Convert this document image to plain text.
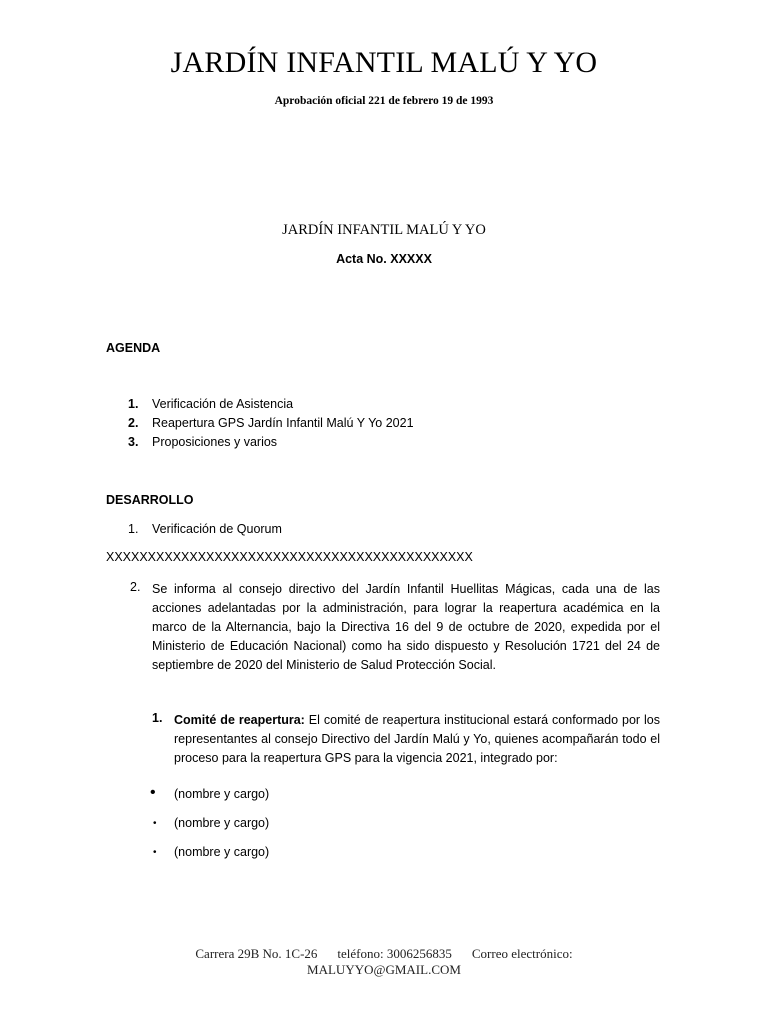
JARDÍN INFANTIL MALÚ Y YO
Aprobación oficial 221 de febrero 19 de 1993
JARDÍN INFANTIL MALÚ Y YO
Acta No. XXXXX
AGENDA
1. Verificación de Asistencia
2. Reapertura GPS Jardín Infantil Malú Y Yo 2021
3. Proposiciones y varios
DESARROLLO
1. Verificación de Quorum
XXXXXXXXXXXXXXXXXXXXXXXXXXXXXXXXXXXXXXXXXXXX
2. Se informa al consejo directivo del Jardín Infantil Huellitas Mágicas, cada una de las acciones adelantadas por la administración, para lograr la reapertura académica en la marco de la Alternancia, bajo la Directiva 16 del 9 de octubre de 2020, expedida por el Ministerio de Educación Nacional) como ha sido dispuesto y Resolución 1721 del 24 de septiembre de 2020 del Ministerio de Salud Protección Social.
1. Comité de reapertura: El comité de reapertura institucional estará conformado por los representantes al consejo Directivo del Jardín Malú y Yo, quienes acompañarán todo el proceso para la reapertura GPS para la vigencia 2021, integrado por:
• (nombre y cargo)
• (nombre y cargo)
• (nombre y cargo)
Carrera 29B No. 1C-26 teléfono: 3006256835 Correo electrónico:
MALUYYO@GMAIL.COM
